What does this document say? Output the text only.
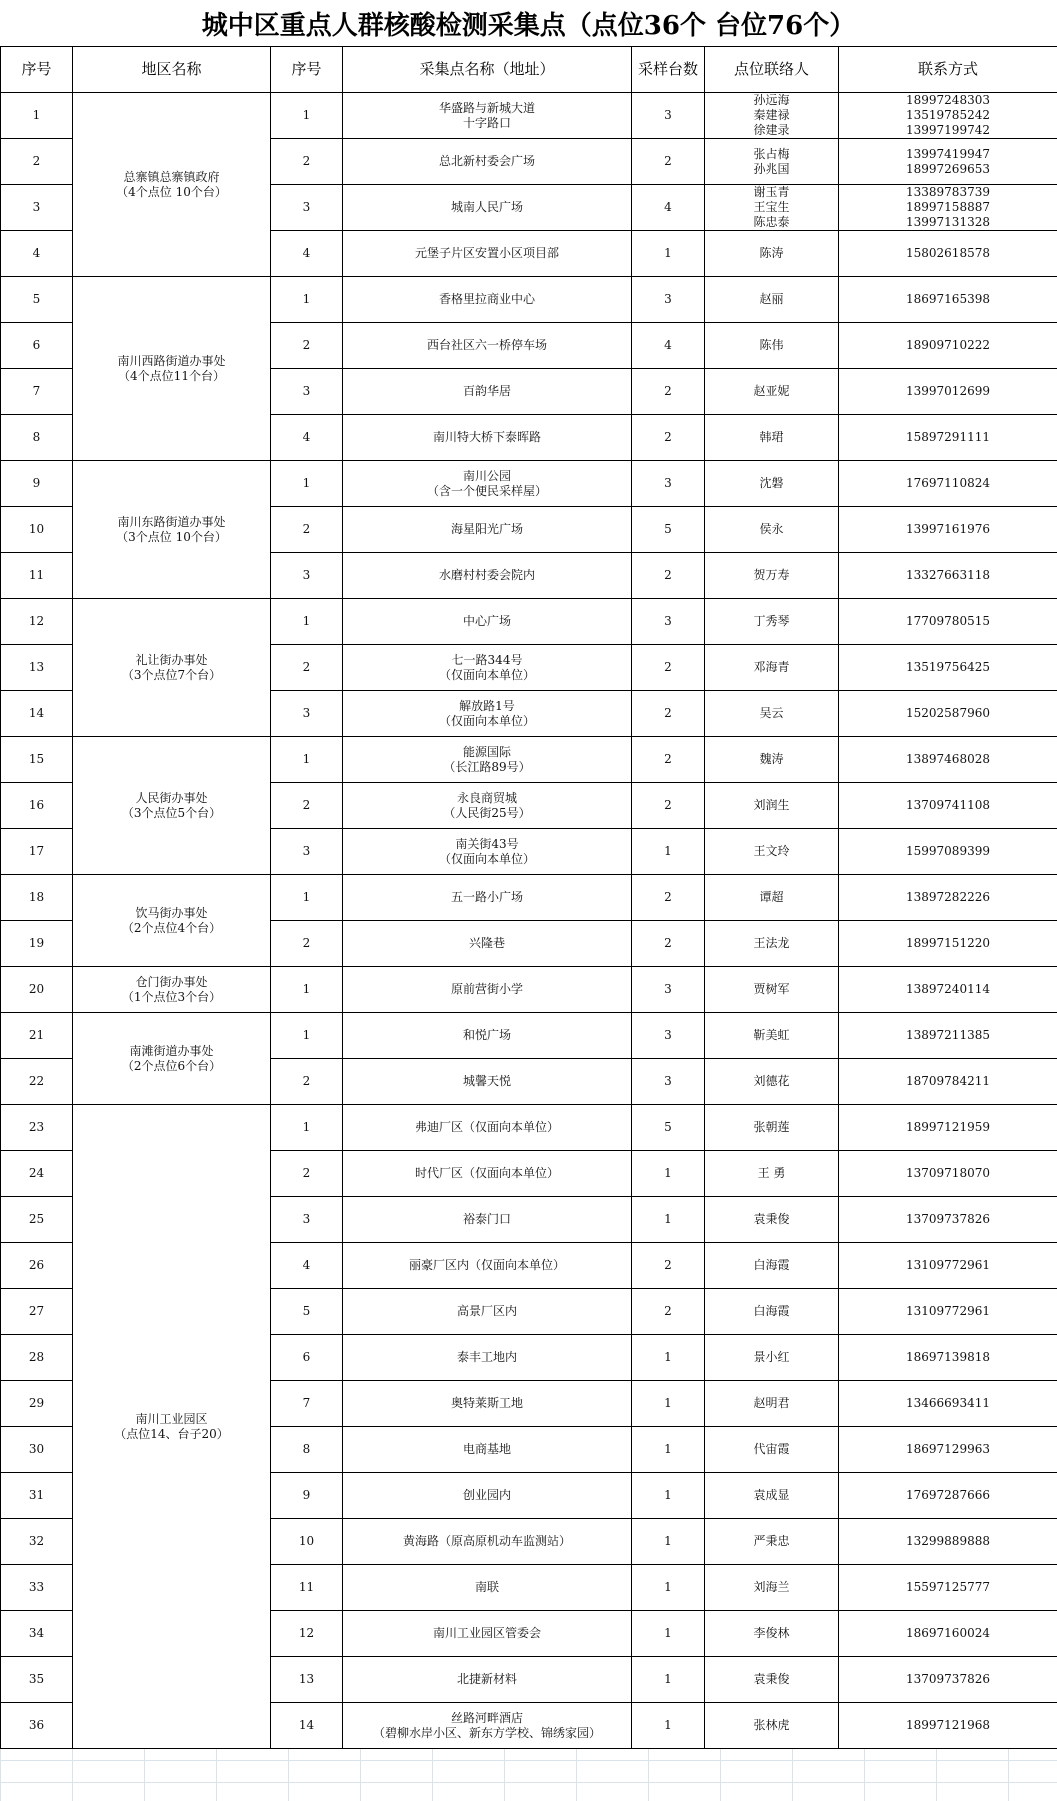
城中区重点人群核酸检测采集点（点位36个 台位76个）
序号	地区名称	序号	采集点名称（地址）	采样台数	点位联络人	联系方式
1	总寨镇总寨镇政府
（4个点位 10个台）	1	华盛路与新城大道
十字路口	3	孙远海
秦建禄
徐建录	18997248303
13519785242
13997199742

2		2	总北新村委会广场	2	张占梅
孙兆国	13997419947
18997269653

3		3	城南人民广场	4	谢玉青
王宝生
陈忠泰	13389783739
18997158887
13997131328

4		4	元堡子片区安置小区项目部	1	陈涛	15802618578

5	南川西路街道办事处
（4个点位11个台）	1	香格里拉商业中心	3	赵丽	18697165398

6		2	西台社区六一桥停车场	4	陈伟	18909710222

7		3	百韵华居	2	赵亚妮	13997012699

8		4	南川特大桥下泰晖路	2	韩珺	15897291111

9	南川东路街道办事处
（3个点位 10个台）	1	南川公园
（含一个便民采样屋）	3	沈磐	17697110824

10		2	海星阳光广场	5	侯永	13997161976

11		3	水磨村村委会院内	2	贺万寿	13327663118

12	礼让街办事处
（3个点位7个台）	1	中心广场	3	丁秀琴	17709780515

13		2	七一路344号
（仅面向本单位）	2	邓海青	13519756425

14		3	解放路1号
（仅面向本单位）	2	吴云	15202587960

15	人民街办事处
（3个点位5个台）	1	能源国际
（长江路89号）	2	魏涛	13897468028

16		2	永良商贸城
（人民街25号）	2	刘润生	13709741108

17		3	南关街43号
（仅面向本单位）	1	王文玲	15997089399

18	饮马街办事处
（2个点位4个台）	1	五一路小广场	2	谭超	13897282226

19		2	兴隆巷	2	王法龙	18997151220

20	仓门街办事处
（1个点位3个台）	1	原前营街小学	3	贾树军	13897240114

21	南滩街道办事处
（2个点位6个台）	1	和悦广场	3	靳美虹	13897211385

22		2	城馨天悦	3	刘德花	18709784211

23	南川工业园区
（点位14、台子20）	1	弗迪厂区（仅面向本单位）	5	张朝莲	18997121959

24		2	时代厂区（仅面向本单位）	1	王 勇	13709718070

25		3	裕泰门口	1	袁秉俊	13709737826

26		4	丽豪厂区内（仅面向本单位）	2	白海霞	13109772961

27		5	高景厂区内	2	白海霞	13109772961

28		6	泰丰工地内	1	景小红	18697139818

29		7	奥特莱斯工地	1	赵明君	13466693411

30		8	电商基地	1	代宙霞	18697129963

31		9	创业园内	1	袁成显	17697287666

32		10	黄海路（原高原机动车监测站）	1	严秉忠	13299889888

33		11	南联	1	刘海兰	15597125777

34		12	南川工业园区管委会	1	李俊林	18697160024

35		13	北捷新材料	1	袁秉俊	13709737826

36		14	丝路河畔酒店
（碧柳水岸小区、新东方学校、锦绣家园）	1	张林虎	18997121968
